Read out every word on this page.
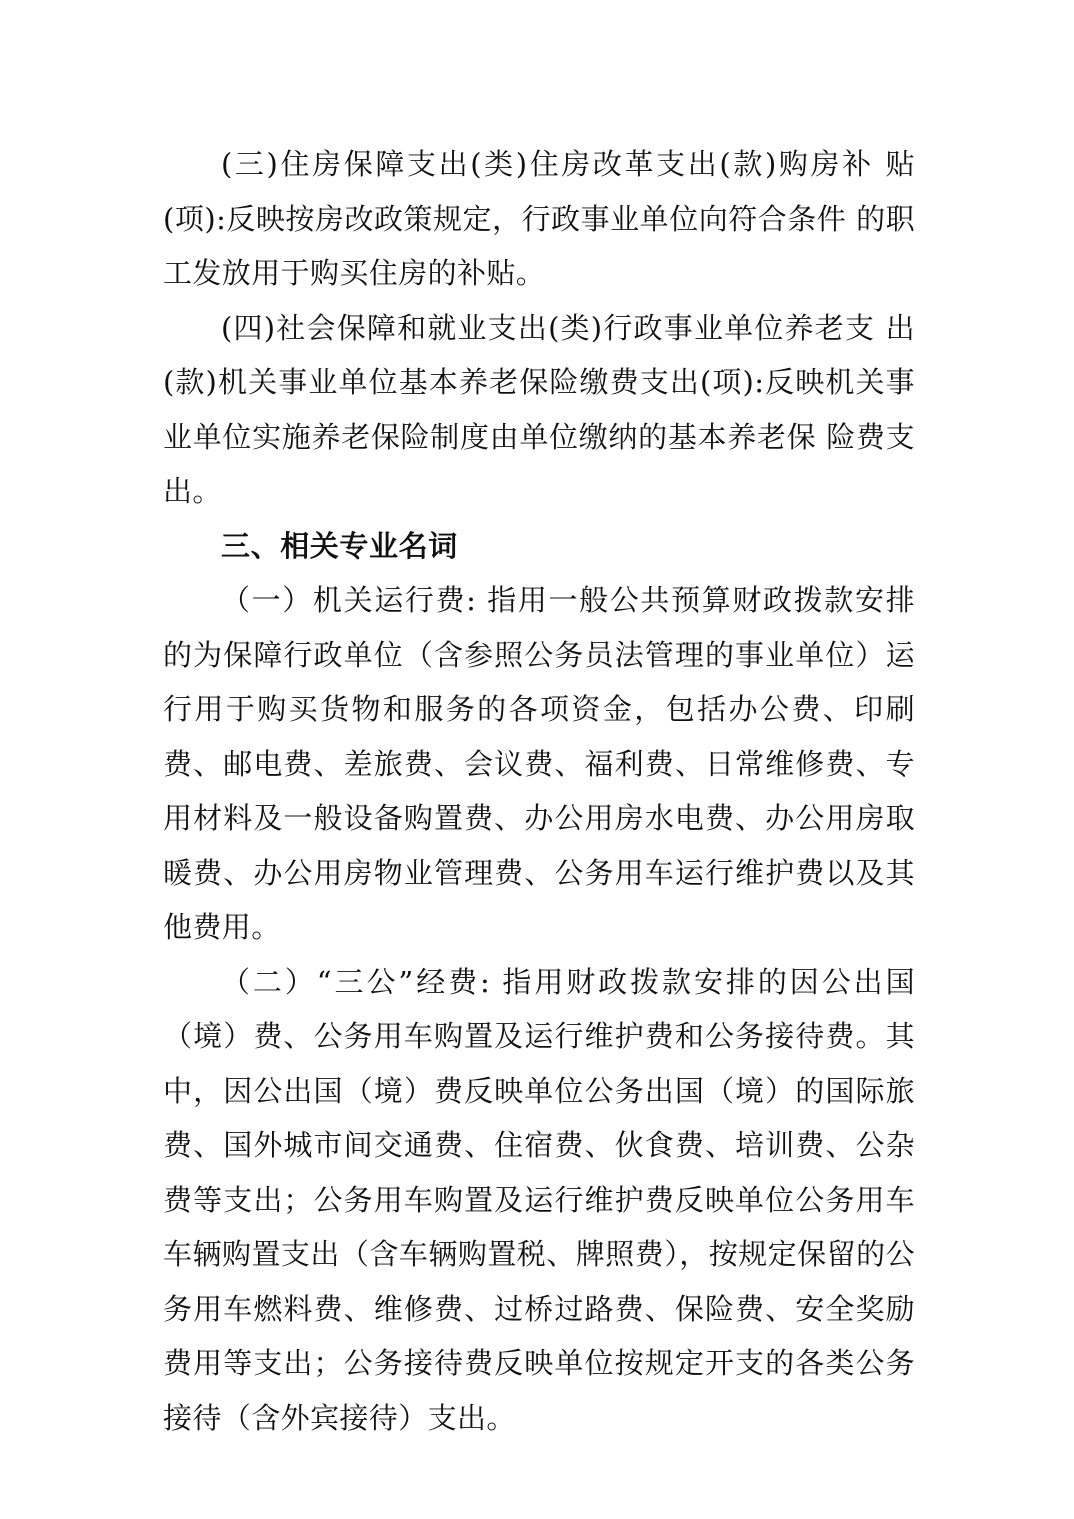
(三)住房保障支出(类)住房改革支出(款)购房补 贴(项):反映按房改政策规定，行政事业单位向符合条件 的职工发放用于购买住房的补贴。

(四)社会保障和就业支出(类)行政事业单位养老支 出(款)机关事业单位基本养老保险缴费支出(项):反映机关事业单位实施养老保险制度由单位缴纳的基本养老保 险费支出。

三、相关专业名词

（一）机关运行费: 指用一般公共预算财政拨款安排的为保障行政单位（含参照公务员法管理的事业单位）运行用于购买货物和服务的各项资金，包括办公费、印刷费、邮电费、差旅费、会议费、福利费、日常维修费、专用材料及一般设备购置费、办公用房水电费、办公用房取暖费、办公用房物业管理费、公务用车运行维护费以及其他费用。

（二）“三公”经费: 指用财政拨款安排的因公出国（境）费、公务用车购置及运行维护费和公务接待费。其中，因公出国（境）费反映单位公务出国（境）的国际旅费、国外城市间交通费、住宿费、伙食费、培训费、公杂费等支出；公务用车购置及运行维护费反映单位公务用车车辆购置支出（含车辆购置税、牌照费），按规定保留的公务用车燃料费、维修费、过桥过路费、保险费、安全奖励费用等支出；公务接待费反映单位按规定开支的各类公务接待（含外宾接待）支出。
